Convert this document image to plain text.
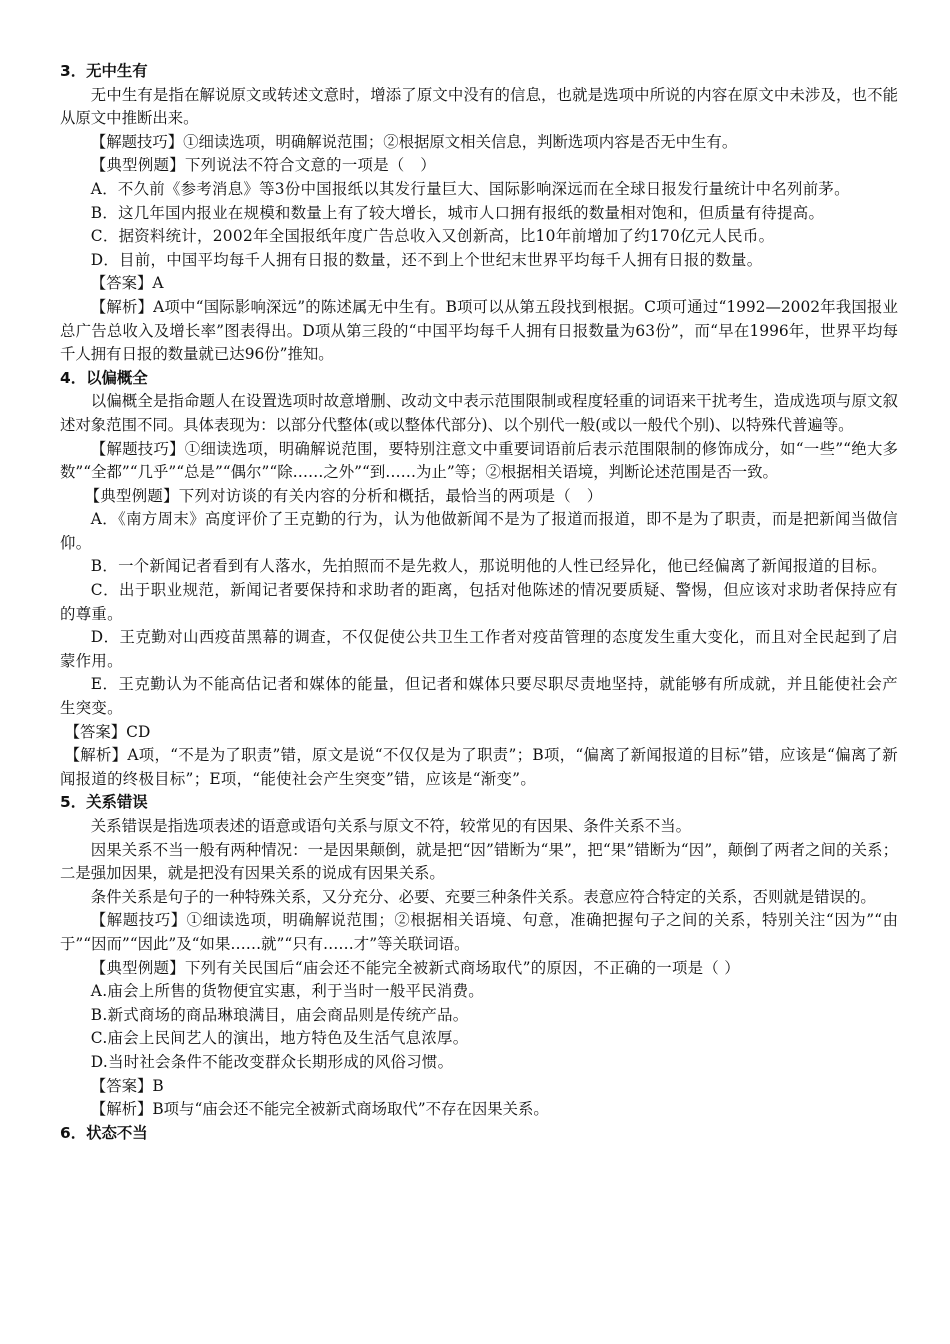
3．无中生有

无中生有是指在解说原文或转述文意时，增添了原文中没有的信息，也就是选项中所说的内容在原文中未涉及，也不能从原文中推断出来。

【解题技巧】①细读选项，明确解说范围；②根据原文相关信息，判断选项内容是否无中生有。

【典型例题】下列说法不符合文意的一项是（　）

A．不久前《参考消息》等3份中国报纸以其发行量巨大、国际影响深远而在全球日报发行量统计中名列前茅。

B．这几年国内报业在规模和数量上有了较大增长，城市人口拥有报纸的数量相对饱和，但质量有待提高。

C．据资料统计，2002年全国报纸年度广告总收入又创新高，比10年前增加了约170亿元人民币。

D．目前，中国平均每千人拥有日报的数量，还不到上个世纪末世界平均每千人拥有日报的数量。

【答案】A

【解析】A项中“国际影响深远”的陈述属无中生有。B项可以从第五段找到根据。C项可通过“1992—2002年我国报业总广告总收入及增长率”图表得出。D项从第三段的“中国平均每千人拥有日报数量为63份”，而“早在1996年，世界平均每千人拥有日报的数量就已达96份”推知。

4．以偏概全

以偏概全是指命题人在设置选项时故意增删、改动文中表示范围限制或程度轻重的词语来干扰考生，造成选项与原文叙述对象范围不同。具体表现为：以部分代整体(或以整体代部分)、以个别代一般(或以一般代个别)、以特殊代普遍等。

【解题技巧】①细读选项，明确解说范围，要特别注意文中重要词语前后表示范围限制的修饰成分，如“一些”“绝大多数”“全都”“几乎”“总是”“偶尔”“除……之外”“到……为止”等；②根据相关语境，判断论述范围是否一致。

【典型例题】下列对访谈的有关内容的分析和概括，最恰当的两项是（　）

A．《南方周末》高度评价了王克勤的行为，认为他做新闻不是为了报道而报道，即不是为了职责，而是把新闻当做信仰。

B．一个新闻记者看到有人落水，先拍照而不是先救人，那说明他的人性已经异化，他已经偏离了新闻报道的目标。

C．出于职业规范，新闻记者要保持和求助者的距离，包括对他陈述的情况要质疑、警惕，但应该对求助者保持应有的尊重。

D．王克勤对山西疫苗黑幕的调查，不仅促使公共卫生工作者对疫苗管理的态度发生重大变化，而且对全民起到了启蒙作用。

E．王克勤认为不能高估记者和媒体的能量，但记者和媒体只要尽职尽责地坚持，就能够有所成就，并且能使社会产生突变。

【答案】CD

【解析】A项，“不是为了职责”错，原文是说“不仅仅是为了职责”；B项，“偏离了新闻报道的目标”错，应该是“偏离了新闻报道的终极目标”；E项，“能使社会产生突变”错，应该是“渐变”。

5．关系错误

关系错误是指选项表述的语意或语句关系与原文不符，较常见的有因果、条件关系不当。

因果关系不当一般有两种情况：一是因果颠倒，就是把“因”错断为“果”，把“果”错断为“因”，颠倒了两者之间的关系；二是强加因果，就是把没有因果关系的说成有因果关系。

条件关系是句子的一种特殊关系，又分充分、必要、充要三种条件关系。表意应符合特定的关系，否则就是错误的。

【解题技巧】①细读选项，明确解说范围；②根据相关语境、句意，准确把握句子之间的关系，特别关注“因为”“由于”“因而”“因此”及“如果……就”“只有……才”等关联词语。

【典型例题】下列有关民国后“庙会还不能完全被新式商场取代”的原因，不正确的一项是（ ）

A.庙会上所售的货物便宜实惠，利于当时一般平民消费。

B.新式商场的商品琳琅满目，庙会商品则是传统产品。

C.庙会上民间艺人的演出，地方特色及生活气息浓厚。

D.当时社会条件不能改变群众长期形成的风俗习惯。

【答案】B

【解析】B项与“庙会还不能完全被新式商场取代”不存在因果关系。

6．状态不当
